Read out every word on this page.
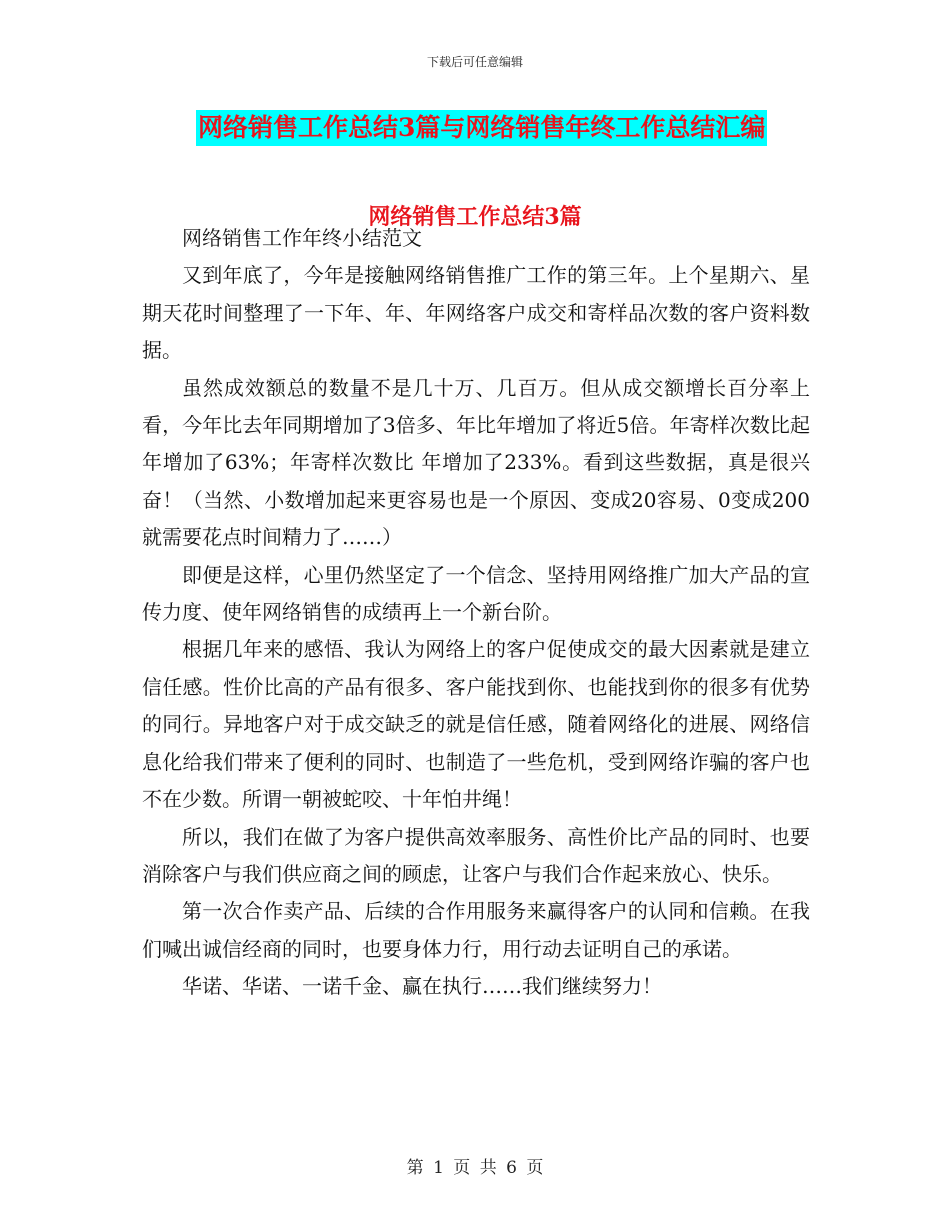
下载后可任意编辑
网络销售工作总结3篇与网络销售年终工作总结汇编
网络销售工作总结3篇

网络销售工作年终小结范文

又到年底了，今年是接触网络销售推广工作的第三年。上个星期六、星期天花时间整理了一下年、年、年网络客户成交和寄样品次数的客户资料数据。

虽然成效额总的数量不是几十万、几百万。但从成交额增长百分率上看，今年比去年同期增加了3倍多、年比年增加了将近5倍。年寄样次数比起年增加了63%；年寄样次数比 年增加了233%。看到这些数据，真是很兴奋！（当然、小数增加起来更容易也是一个原因、变成20容易、0变成200就需要花点时间精力了……）

即便是这样，心里仍然坚定了一个信念、坚持用网络推广加大产品的宣传力度、使年网络销售的成绩再上一个新台阶。

根据几年来的感悟、我认为网络上的客户促使成交的最大因素就是建立信任感。性价比高的产品有很多、客户能找到你、也能找到你的很多有优势的同行。异地客户对于成交缺乏的就是信任感，随着网络化的进展、网络信息化给我们带来了便利的同时、也制造了一些危机，受到网络诈骗的客户也不在少数。所谓一朝被蛇咬、十年怕井绳！

所以，我们在做了为客户提供高效率服务、高性价比产品的同时、也要消除客户与我们供应商之间的顾虑，让客户与我们合作起来放心、快乐。

第一次合作卖产品、后续的合作用服务来赢得客户的认同和信赖。在我们喊出诚信经商的同时，也要身体力行，用行动去证明自己的承诺。

华诺、华诺、一诺千金、赢在执行……我们继续努力！

第 1 页 共 6 页
